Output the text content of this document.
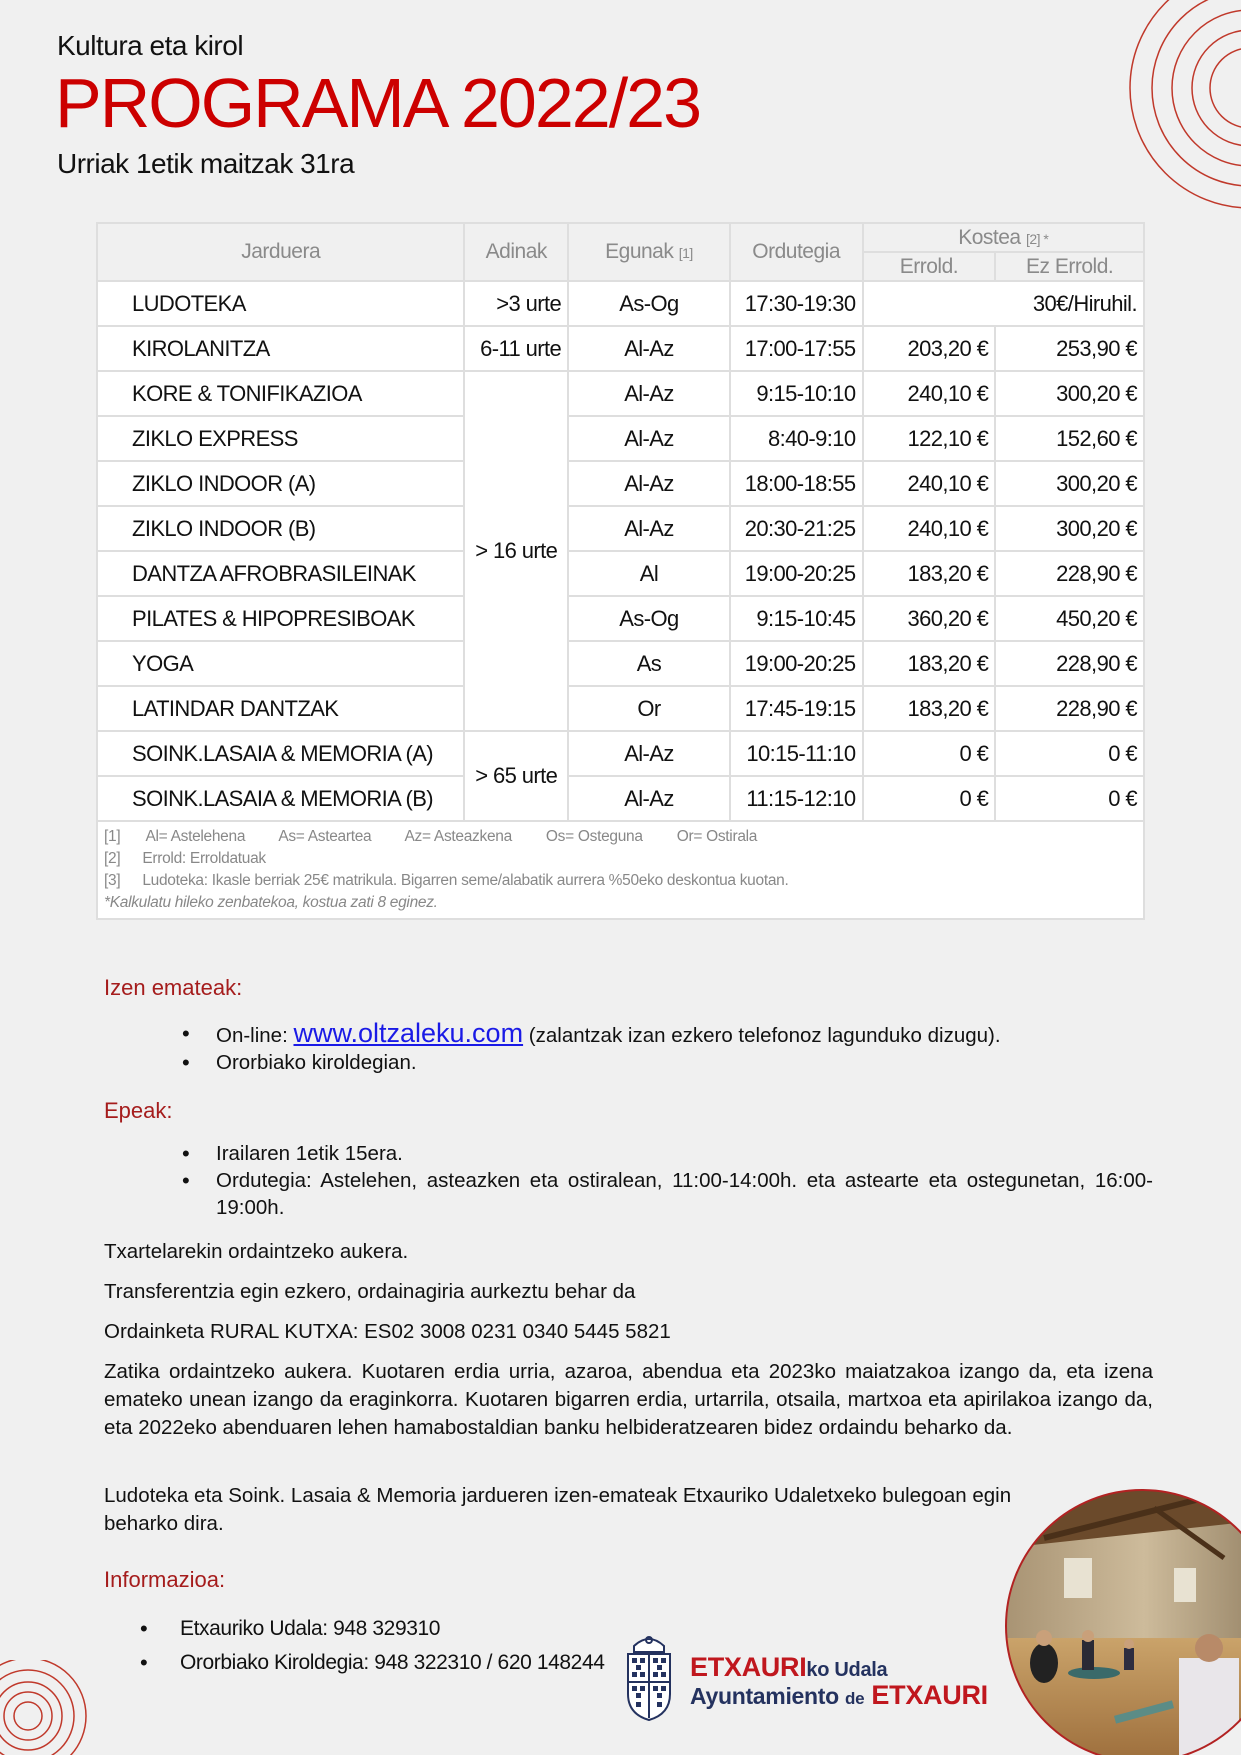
Kultura eta kirol
PROGRAMA 2022/23
Urriak 1etik maitzak 31ra
Jarduera	Adinak	Egunak [1]	Ordutegia	Kostea [2] *	
				Errold.	Ez Errold.
LUDOTEKA	>3 urte	As-Og	17:30-19:30	30€/Hiruhil.	
KIROLANITZA	6-11 urte	Al-Az	17:00-17:55	203,20 €	253,90 €
KORE & TONIFIKAZIOA	> 16 urte	Al-Az	9:15-10:10	240,10 €	300,20 €
ZIKLO EXPRESS		Al-Az	8:40-9:10	122,10 €	152,60 €
ZIKLO INDOOR (A)		Al-Az	18:00-18:55	240,10 €	300,20 €
ZIKLO INDOOR (B)		Al-Az	20:30-21:25	240,10 €	300,20 €
DANTZA AFROBRASILEINAK		Al	19:00-20:25	183,20 €	228,90 €
PILATES & HIPOPRESIBOAK		As-Og	9:15-10:45	360,20 €	450,20 €
YOGA		As	19:00-20:25	183,20 €	228,90 €
LATINDAR DANTZAK		Or	17:45-19:15	183,20 €	228,90 €
SOINK.LASAIA & MEMORIA (A)	> 65 urte	Al-Az	10:15-11:10	0 €	0 €
SOINK.LASAIA & MEMORIA (B)		Al-Az	11:15-12:10	0 €	0 €

[1] Al= Astelehena As= Asteartea Az= Asteazkena Os= Osteguna Or= Ostirala
[2] Errold: Erroldatuak
[3] Ludoteka: Ikasle berriak 25€ matrikula. Bigarren seme/alabatik aurrera %50eko deskontua kuotan.
*Kalkulatu hileko zenbatekoa, kostua zati 8 eginez.					
Izen emateak:
• On-line: www.oltzaleku.com (zalantzak izan ezkero telefonoz lagunduko dizugu).
• Ororbiako kiroldegian.
Epeak:
• Irailaren 1etik 15era.
• Ordutegia: Astelehen, asteazken eta ostiralean, 11:00-14:00h. eta astearte eta ostegunetan, 16:00-19:00h.
Txartelarekin ordaintzeko aukera.
Transferentzia egin ezkero, ordainagiria aurkeztu behar da
Ordainketa RURAL KUTXA: ES02 3008 0231 0340 5445 5821
Zatika ordaintzeko aukera. Kuotaren erdia urria, azaroa, abendua eta 2023ko maiatzakoa izango da, eta izena emateko unean izango da eraginkorra. Kuotaren bigarren erdia, urtarrila, otsaila, martxoa eta apirilakoa izango da, eta 2022eko abenduaren lehen hamabostaldian banku helbideratzearen bidez ordaindu beharko da.
Ludoteka eta Soink. Lasaia & Memoria jardueren izen-emateak Etxauriko Udaletxeko bulegoan egin beharko dira.
Informazioa:
• Etxauriko Udala: 948 329310
• Ororbiako Kiroldegia: 948 322310 / 620 148244	ETXAURIko Udala
Ayuntamiento de ETXAURI
